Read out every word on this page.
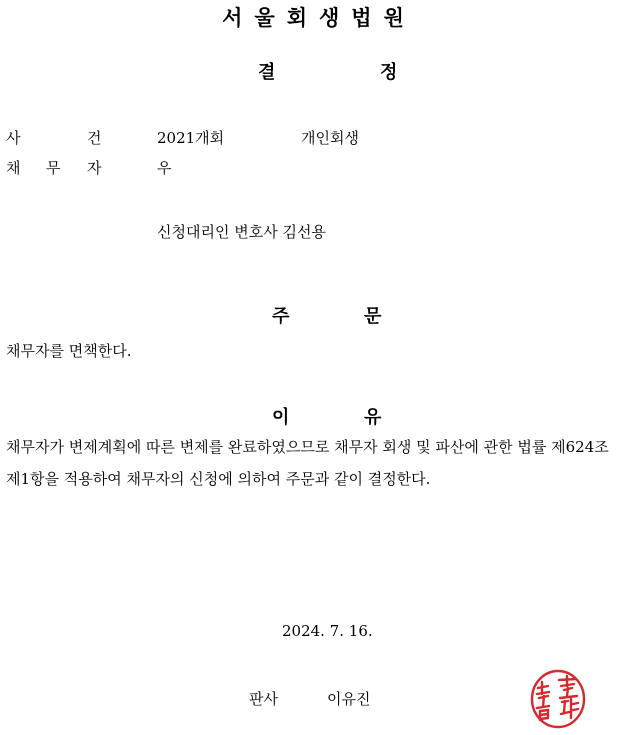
서울회생법원
결	정
사	건	2021개회	개인회생
채 무 자	우
신청대리인 변호사 김선용
주	문
채무자를 면책한다.
이	유
채무자가 변제계획에 따른 변제를 완료하였으므로 채무자 회생 및 파산에 관한 법률 제624조 제1항을 적용하여 채무자의 신청에 의하여 주문과 같이 결정한다.
2024. 7. 16.
판사	이유진
